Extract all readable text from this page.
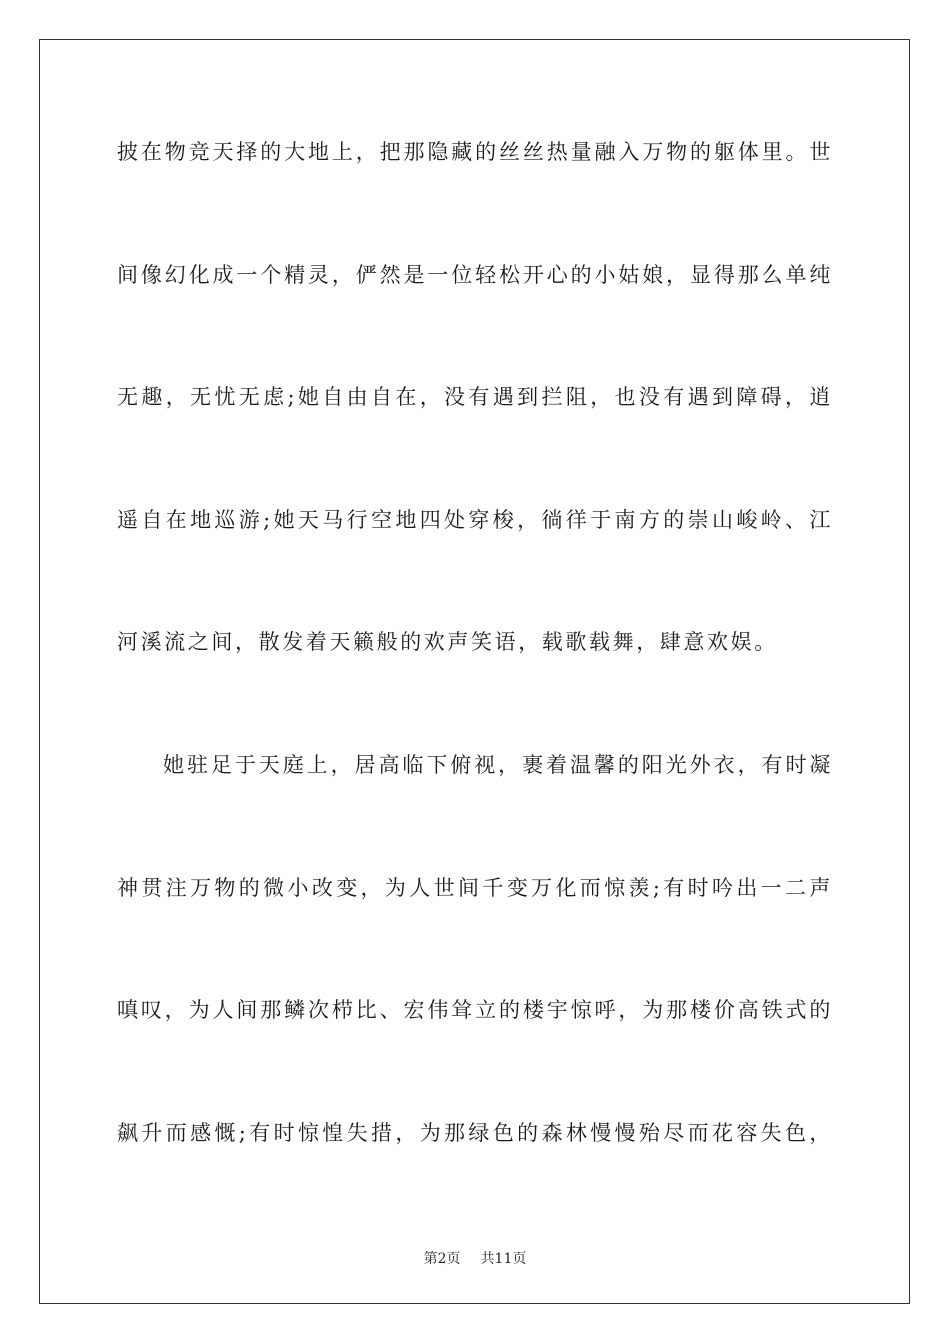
披在物竞天择的大地上，把那隐藏的丝丝热量融入万物的躯体里。世
间像幻化成一个精灵，俨然是一位轻松开心的小姑娘，显得那么单纯
无趣，无忧无虑;她自由自在，没有遇到拦阻，也没有遇到障碍，逍
遥自在地巡游;她天马行空地四处穿梭，徜徉于南方的崇山峻岭、江
河溪流之间，散发着天籁般的欢声笑语，载歌载舞，肆意欢娱。
她驻足于天庭上，居高临下俯视，裹着温馨的阳光外衣，有时凝
神贯注万物的微小改变，为人世间千变万化而惊羡;有时吟出一二声
嗔叹，为人间那鳞次栉比、宏伟耸立的楼宇惊呼，为那楼价高铁式的
飙升而感慨;有时惊惶失措，为那绿色的森林慢慢殆尽而花容失色，
第2页 共11页
